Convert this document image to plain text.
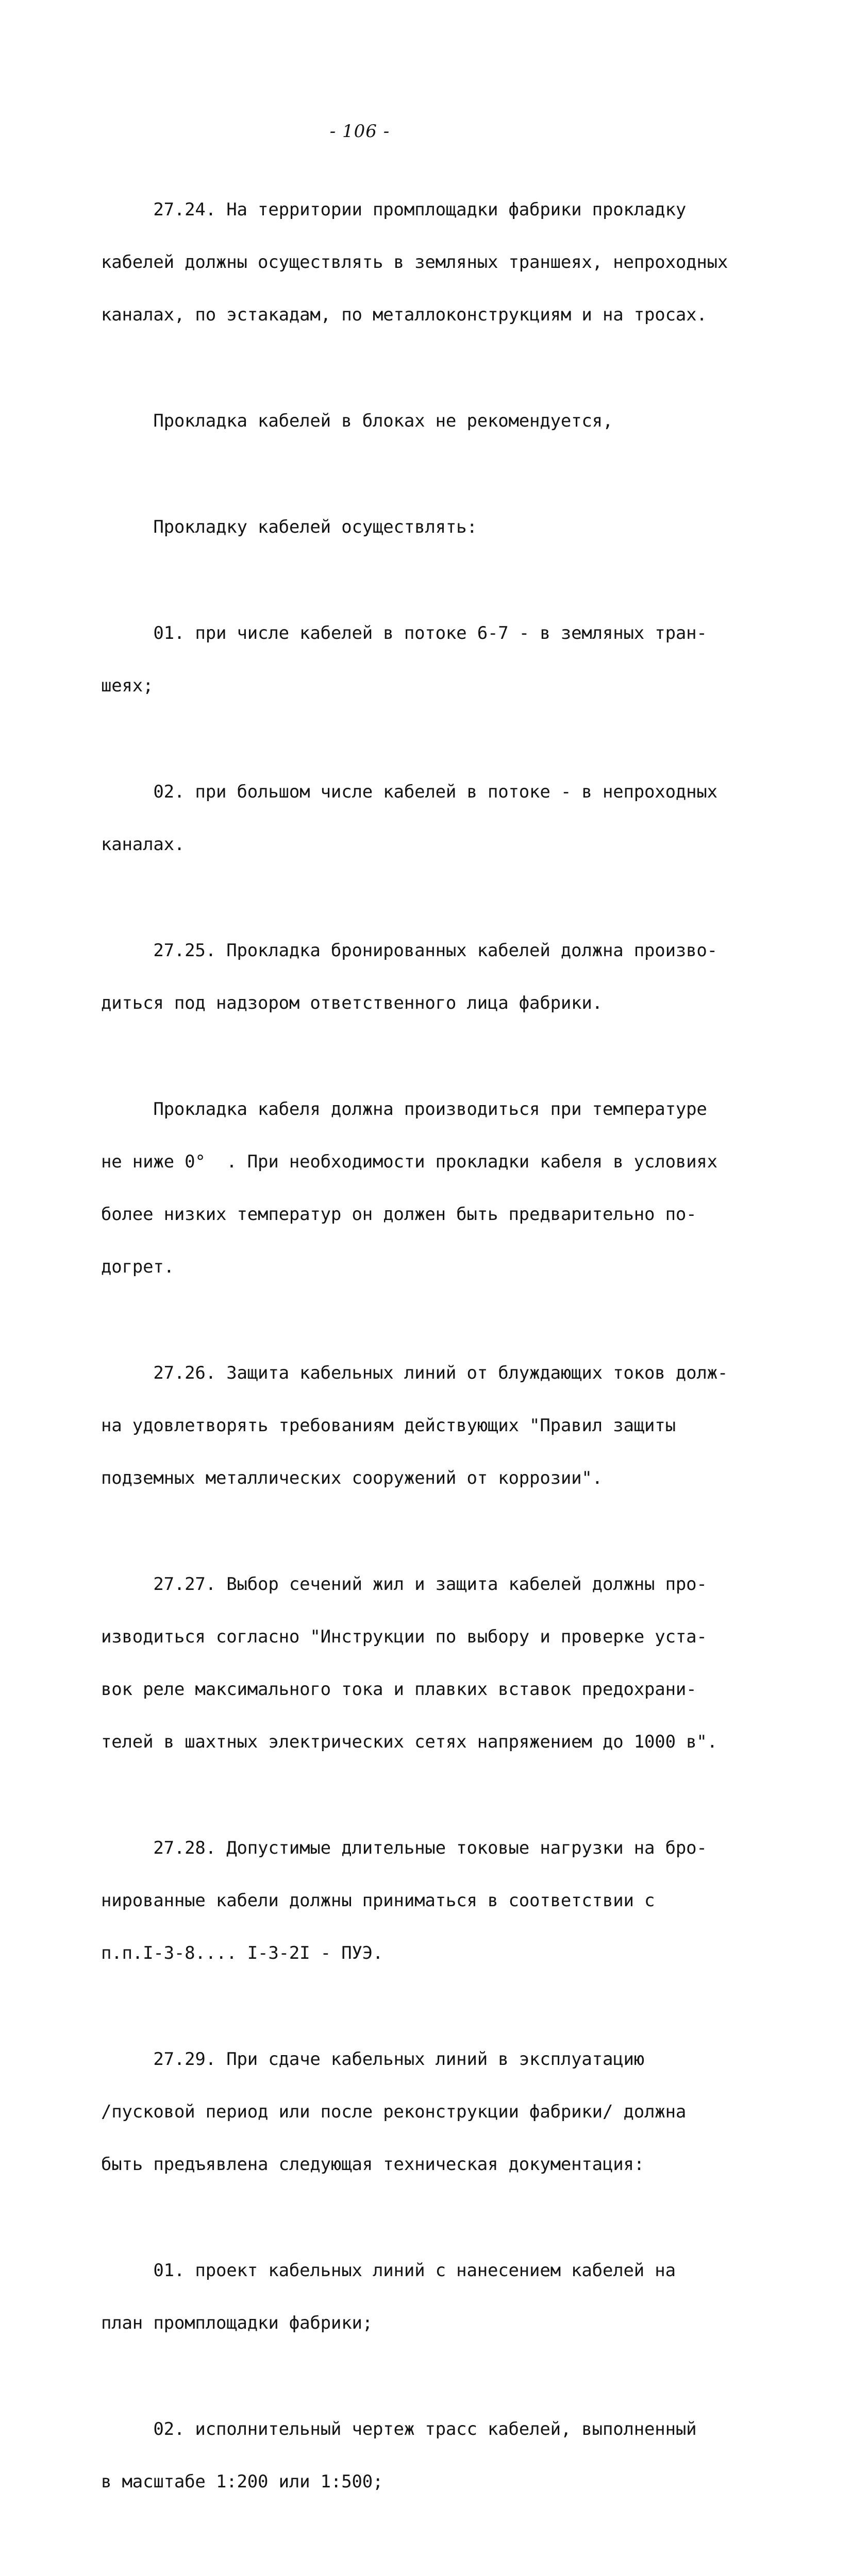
- 106 -

27.24. На территории промплощадки фабрики прокладку

кабелей должны осуществлять в земляных траншеях, непроходных

каналах, по эстакадам, по металлоконструкциям и на тросах.

Прокладка кабелей в блоках не рекомендуется,

Прокладку кабелей осуществлять:

01. при числе кабелей в потоке 6-7 - в земляных тран-

шеях;

02. при большом числе кабелей в потоке - в непроходных

каналах.

27.25. Прокладка бронированных кабелей должна произво-

диться под надзором ответственного лица фабрики.

Прокладка кабеля должна производиться при температуре

не ниже 0°  . При необходимости прокладки кабеля в условиях

более низких температур он должен быть предварительно по-

догрет.

27.26. Защита кабельных линий от блуждающих токов долж-

на удовлетворять требованиям действующих "Правил защиты

подземных металлических сооружений от коррозии".

27.27. Выбор сечений жил и защита кабелей должны про-

изводиться согласно "Инструкции по выбору и проверке уста-

вок реле максимального тока и плавких вставок предохрани-

телей в шахтных электрических сетях напряжением до 1000 в".

27.28. Допустимые длительные токовые нагрузки на бро-

нированные кабели должны приниматься в соответствии с

п.п.I-3-8.... I-3-2I - ПУЭ.

27.29. При сдаче кабельных линий в эксплуатацию

/пусковой период или после реконструкции фабрики/ должна

быть предъявлена следующая техническая документация:

01. проект кабельных линий с нанесением кабелей на

план промплощадки фабрики;

02. исполнительный чертеж трасс кабелей, выполненный

в масштабе 1:200 или 1:500;
